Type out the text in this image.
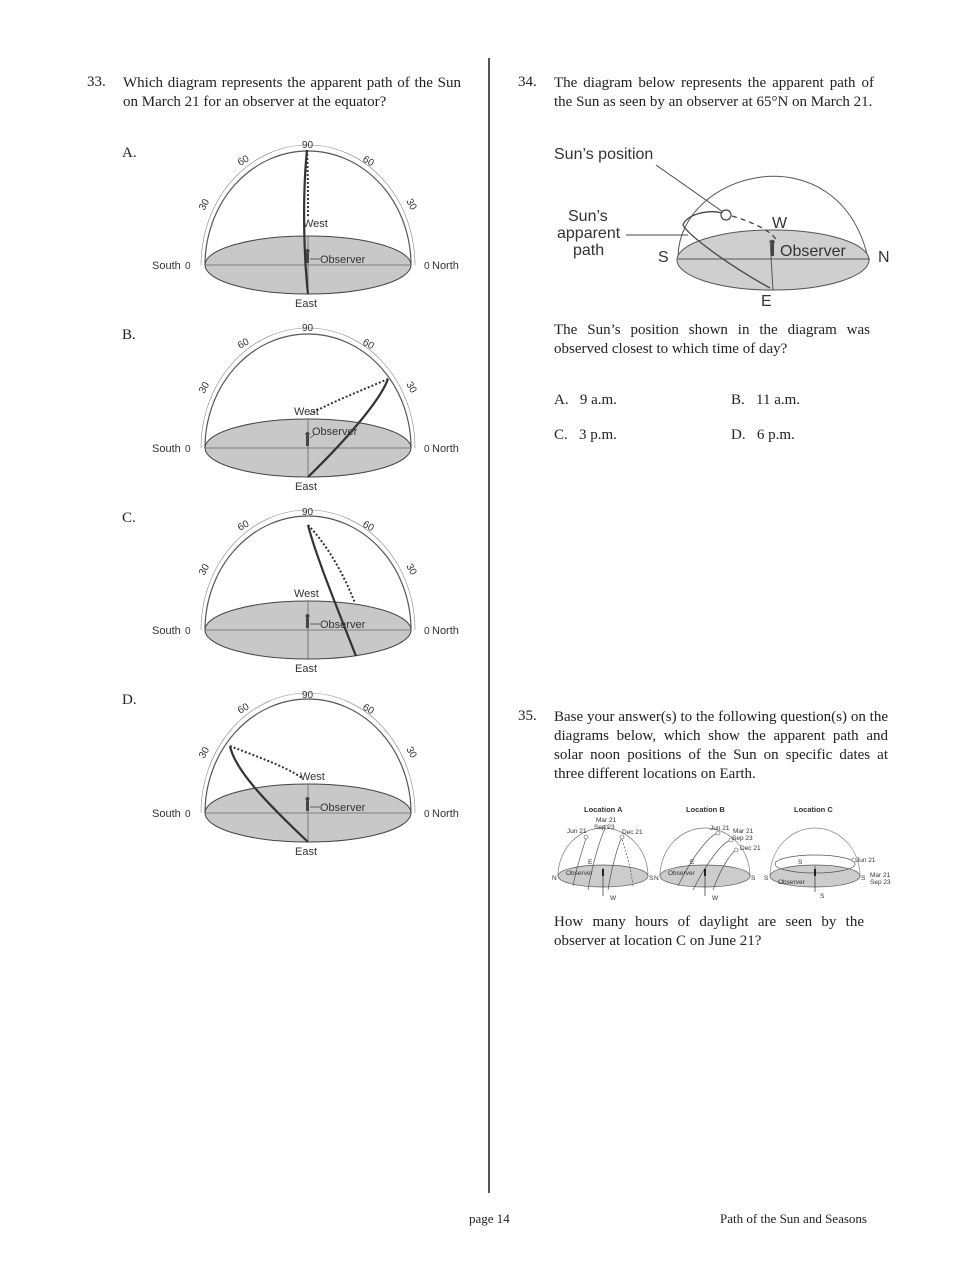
33. Which diagram represents the apparent path of the Sun on March 21 for an observer at the equator?
A.
South 0	0 North
West
Observer
East
90
60	60
30	30
B.
South 0	0 North
West
Observer
East
90
60	60
30	30
C.
South 0	0 North
West
Observer
East
90
60	60
30	30
D.
South 0	0 North
West
Observer
East
90
60	60
30	30
34. The diagram below represents the apparent path of the Sun as seen by an observer at 65°N on March 21.
Sun’s position
Sun’s
apparent
path	S	N
W
E
Observer
The Sun’s position shown in the diagram was observed closest to which time of day?
A. 9 a.m.	B. 11 a.m.
C. 3 p.m.	D. 6 p.m.
35. Base your answer(s) to the following question(s) on the diagrams below, which show the apparent path and solar noon positions of the Sun on specific dates at three different locations on Earth.
Location A
Jun 21
Mar 21
Sep 23
Dec 21
E
W
N	S
Observer
Location B
Jun 21 Mar 21
Sep 23
Dec 21
E
W
N	S
Observer
Location C
Jun 21
Mar 21
Sep 23
S
S	S
S
Observer
How many hours of daylight are seen by the observer at location C on June 21?
page 14	Path of the Sun and Seasons
